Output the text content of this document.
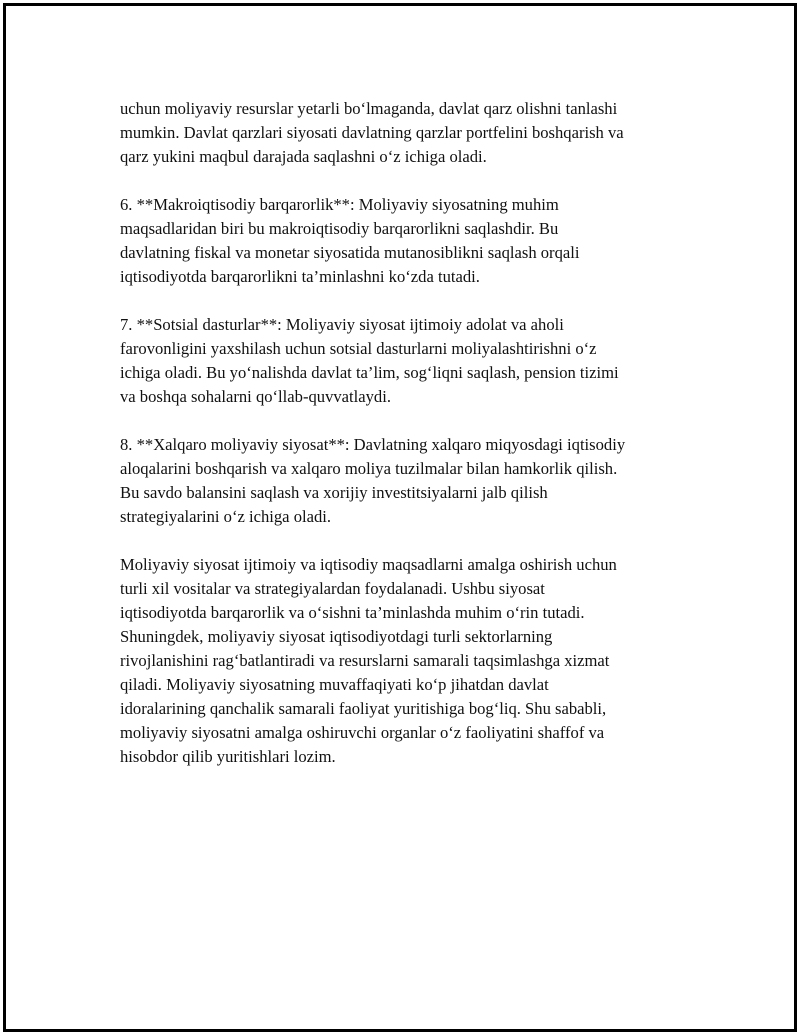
uchun moliyaviy resurslar yetarli bo‘lmaganda, davlat qarz olishni tanlashi
mumkin. Davlat qarzlari siyosati davlatning qarzlar portfelini boshqarish va
qarz yukini maqbul darajada saqlashni o‘z ichiga oladi.

6. **Makroiqtisodiy barqarorlik**: Moliyaviy siyosatning muhim
maqsadlaridan biri bu makroiqtisodiy barqarorlikni saqlashdir. Bu
davlatning fiskal va monetar siyosatida mutanosiblikni saqlash orqali
iqtisodiyotda barqarorlikni ta’minlashni ko‘zda tutadi.

7. **Sotsial dasturlar**: Moliyaviy siyosat ijtimoiy adolat va aholi
farovonligini yaxshilash uchun sotsial dasturlarni moliyalashtirishni o‘z
ichiga oladi. Bu yo‘nalishda davlat ta’lim, sog‘liqni saqlash, pension tizimi
va boshqa sohalarni qo‘llab-quvvatlaydi.

8. **Xalqaro moliyaviy siyosat**: Davlatning xalqaro miqyosdagi iqtisodiy
aloqalarini boshqarish va xalqaro moliya tuzilmalar bilan hamkorlik qilish.
Bu savdo balansini saqlash va xorijiy investitsiyalarni jalb qilish
strategiyalarini o‘z ichiga oladi.

Moliyaviy siyosat ijtimoiy va iqtisodiy maqsadlarni amalga oshirish uchun
turli xil vositalar va strategiyalardan foydalanadi. Ushbu siyosat
iqtisodiyotda barqarorlik va o‘sishni ta’minlashda muhim o‘rin tutadi.
Shuningdek, moliyaviy siyosat iqtisodiyotdagi turli sektorlarning
rivojlanishini rag‘batlantiradi va resurslarni samarali taqsimlashga xizmat
qiladi. Moliyaviy siyosatning muvaffaqiyati ko‘p jihatdan davlat
idoralarining qanchalik samarali faoliyat yuritishiga bog‘liq. Shu sababli,
moliyaviy siyosatni amalga oshiruvchi organlar o‘z faoliyatini shaffof va
hisobdor qilib yuritishlari lozim.
